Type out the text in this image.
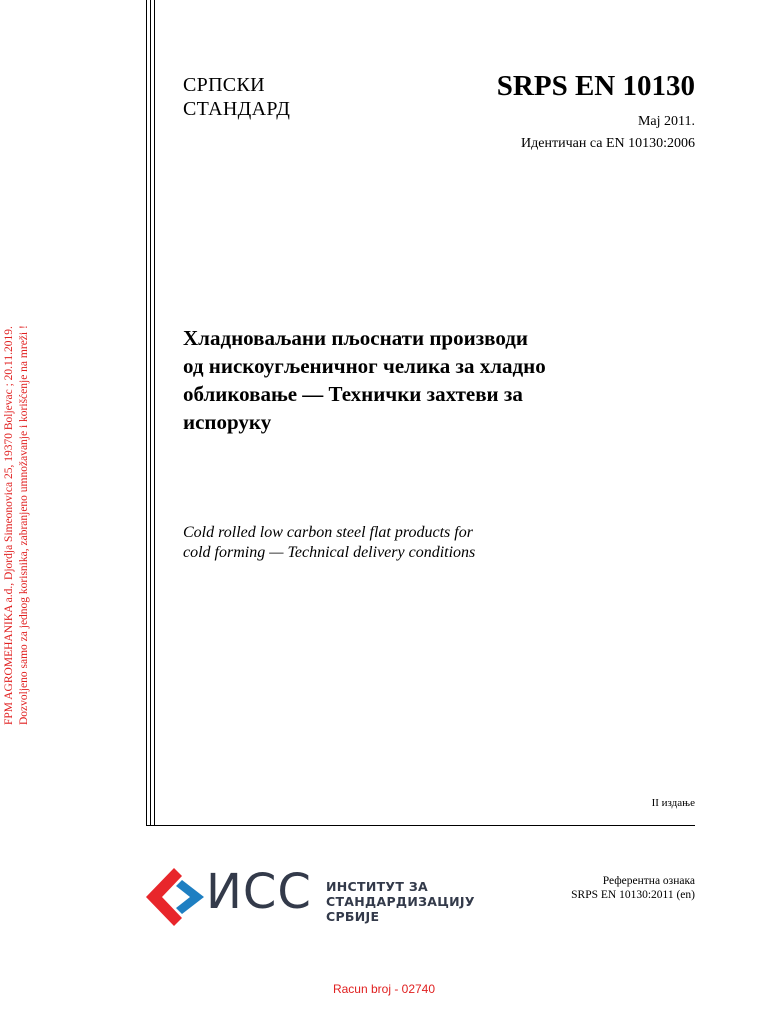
FPM AGROMEHANIKA a.d., Djordja Simeonovica 25, 19370 Boljevac ; 20.11.2019. Dozvoljeno samo za jednog korisnika, zabranjeno umnožavanje i korišćenje na mreži !
СРПСКИ
СТАНДАРД
SRPS EN 10130
Мај 2011.
Идентичан са EN 10130:2006
Хладноваљани пљоснати производи
од нискоугљеничног челика за хладно
обликовање — Технички захтеви за
испоруку
Cold rolled low carbon steel flat products for
cold forming — Technical delivery conditions
II издање
ИСС ИНСТИТУТ ЗА
СТАНДАРДИЗАЦИЈУ
СРБИЈЕ
Референтна ознака
SRPS EN 10130:2011 (en)
Racun broj - 02740
